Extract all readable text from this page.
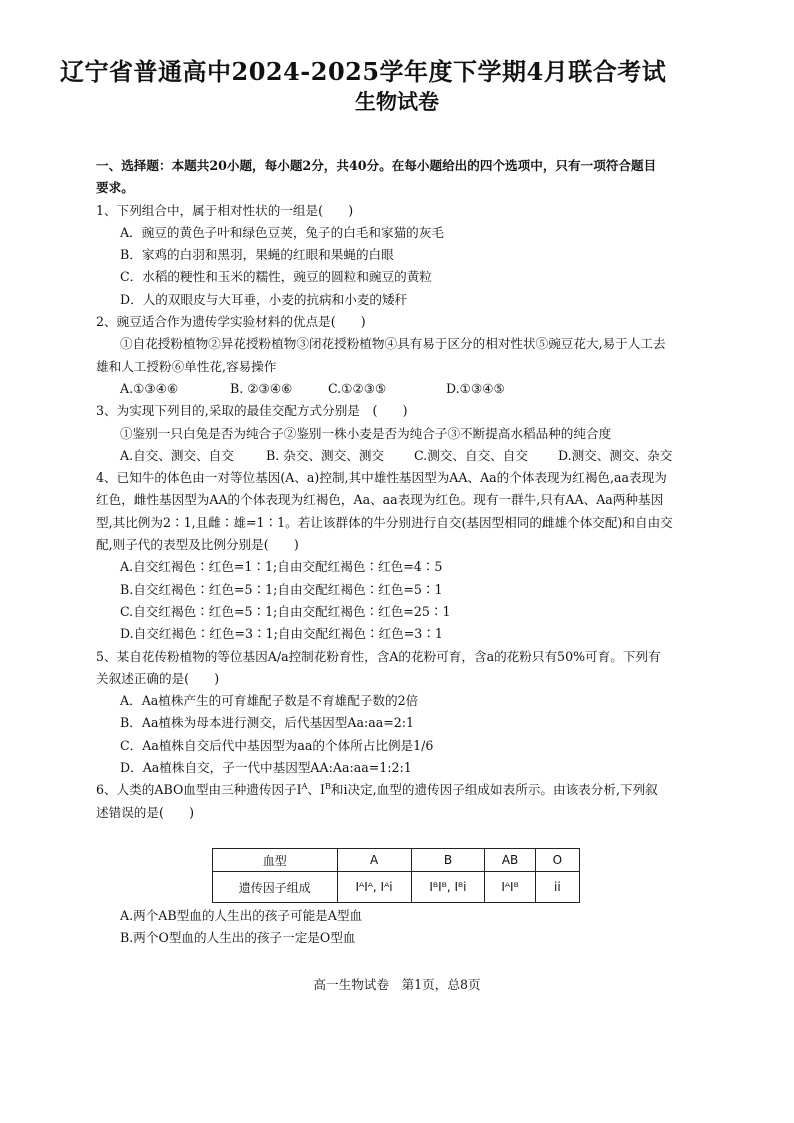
辽宁省普通高中2024-2025学年度下学期4月联合考试
生物试卷
一、选择题：本题共20小题，每小题2分，共40分。在每小题给出的四个选项中，只有一项符合题目
要求。
1、下列组合中，属于相对性状的一组是(　　)
A．豌豆的黄色子叶和绿色豆荚，兔子的白毛和家猫的灰毛
B．家鸡的白羽和黑羽，果蝇的红眼和果蝇的白眼
C．水稻的粳性和玉米的糯性，豌豆的圆粒和豌豆的黄粒
D．人的双眼皮与大耳垂，小麦的抗病和小麦的矮秆
2、豌豆适合作为遗传学实验材料的优点是(　　)
①自花授粉植物②异花授粉植物③闭花授粉植物④具有易于区分的相对性状⑤豌豆花大,易于人工去
雄和人工授粉⑥单性花,容易操作
A.①③④⑥	B. ②③④⑥	C.①②③⑤	D.①③④⑤
3、为实现下列目的,采取的最佳交配方式分别是　(　　)
①鉴别一只白兔是否为纯合子②鉴别一株小麦是否为纯合子③不断提高水稻品种的纯合度
A.自交、测交、自交	B. 杂交、测交、测交 C.测交、自交、自交 D.测交、测交、杂交
4、已知牛的体色由一对等位基因(A、a)控制,其中雄性基因型为AA、Aa的个体表现为红褐色,aa表现为
红色，雌性基因型为AA的个体表现为红褐色，Aa、aa表现为红色。现有一群牛,只有AA、Aa两种基因
型,其比例为2∶1,且雌∶雄=1∶1。若让该群体的牛分别进行自交(基因型相同的雌雄个体交配)和自由交
配,则子代的表型及比例分别是(　　)
A.自交红褐色∶红色=1∶1;自由交配红褐色∶红色=4∶5
B.自交红褐色∶红色=5∶1;自由交配红褐色∶红色=5∶1
C.自交红褐色∶红色=5∶1;自由交配红褐色∶红色=25∶1
D.自交红褐色∶红色=3∶1;自由交配红褐色∶红色=3∶1
5、某自花传粉植物的等位基因A/a控制花粉育性，含A的花粉可育，含a的花粉只有50%可育。下列有
关叙述正确的是(　　)
A．Aa植株产生的可育雄配子数是不育雄配子数的2倍
B．Aa植株为母本进行测交，后代基因型Aa:aa=2:1
C．Aa植株自交后代中基因型为aa的个体所占比例是1/6
D．Aa植株自交，子一代中基因型AA:Aa:aa=1:2:1
6、人类的ABO血型由三种遗传因子$I^A$、$I^B$和i决定,血型的遗传因子组成如表所示。由该表分析,下列叙
述错误的是(　　)
血型	A	B	AB	O
遗传因子组成	IᴬIᴬ, Iᴬi	IᴮIᴮ, Iᴮi	IᴬIᴮ	ii
A.两个AB型血的人生出的孩子可能是A型血
B.两个O型血的人生出的孩子一定是O型血
高一生物试卷　第1页，总8页
